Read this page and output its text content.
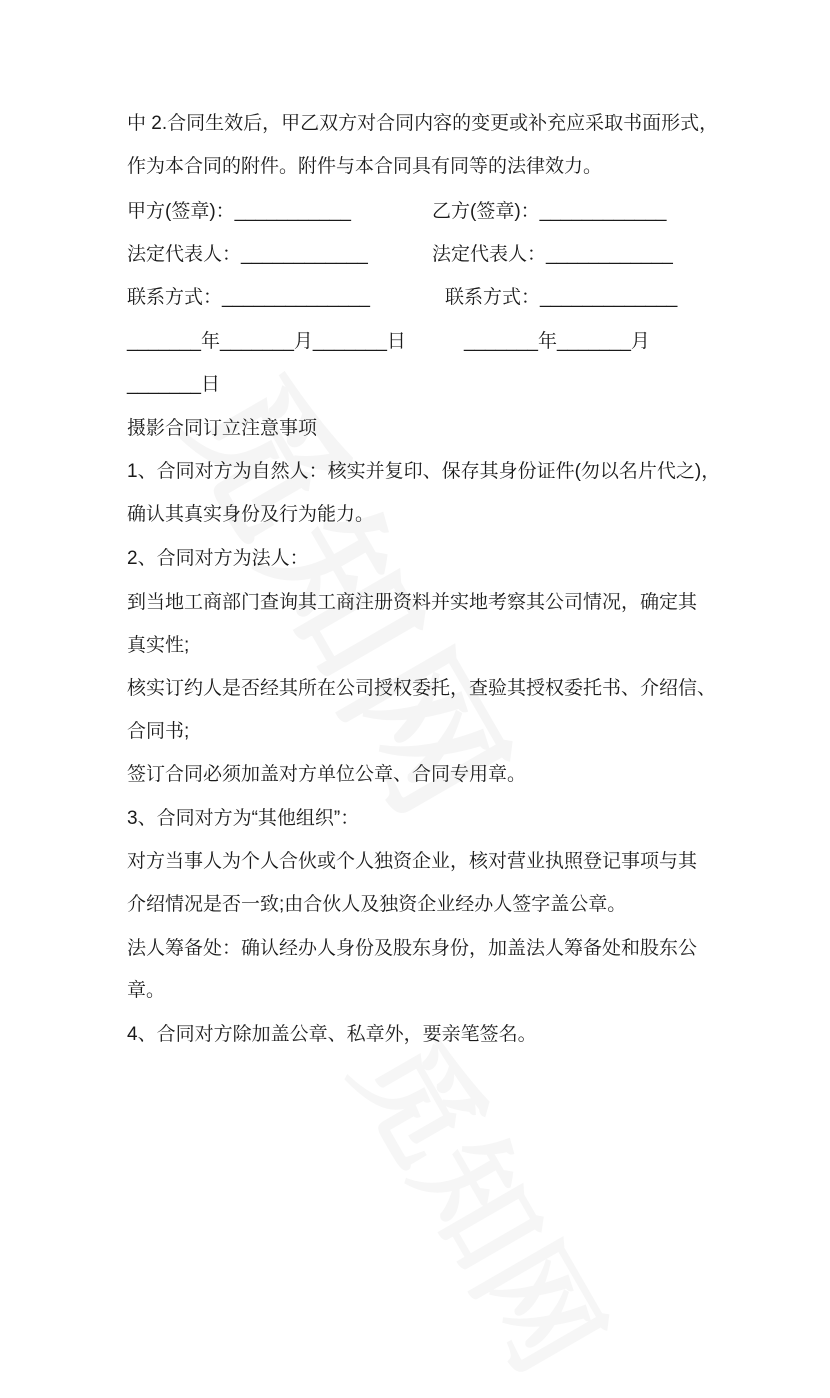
中 2.合同生效后，甲乙双方对合同内容的变更或补充应采取书面形式，
作为本合同的附件。附件与本合同具有同等的法律效力。
甲方(签章)：___________	乙方(签章)：____________
法定代表人：____________	法定代表人：____________
联系方式：______________	联系方式：_____________
_______年_______月_______日	_______年_______月
_______日
摄影合同订立注意事项
1、合同对方为自然人：核实并复印、保存其身份证件(勿以名片代之)，
确认其真实身份及行为能力。
2、合同对方为法人：
到当地工商部门查询其工商注册资料并实地考察其公司情况，确定其
真实性;
核实订约人是否经其所在公司授权委托，查验其授权委托书、介绍信、
合同书;
签订合同必须加盖对方单位公章、合同专用章。
3、合同对方为“其他组织”：
对方当事人为个人合伙或个人独资企业，核对营业执照登记事项与其
介绍情况是否一致;由合伙人及独资企业经办人签字盖公章。
法人筹备处：确认经办人身份及股东身份，加盖法人筹备处和股东公
章。
4、合同对方除加盖公章、私章外，要亲笔签名。
